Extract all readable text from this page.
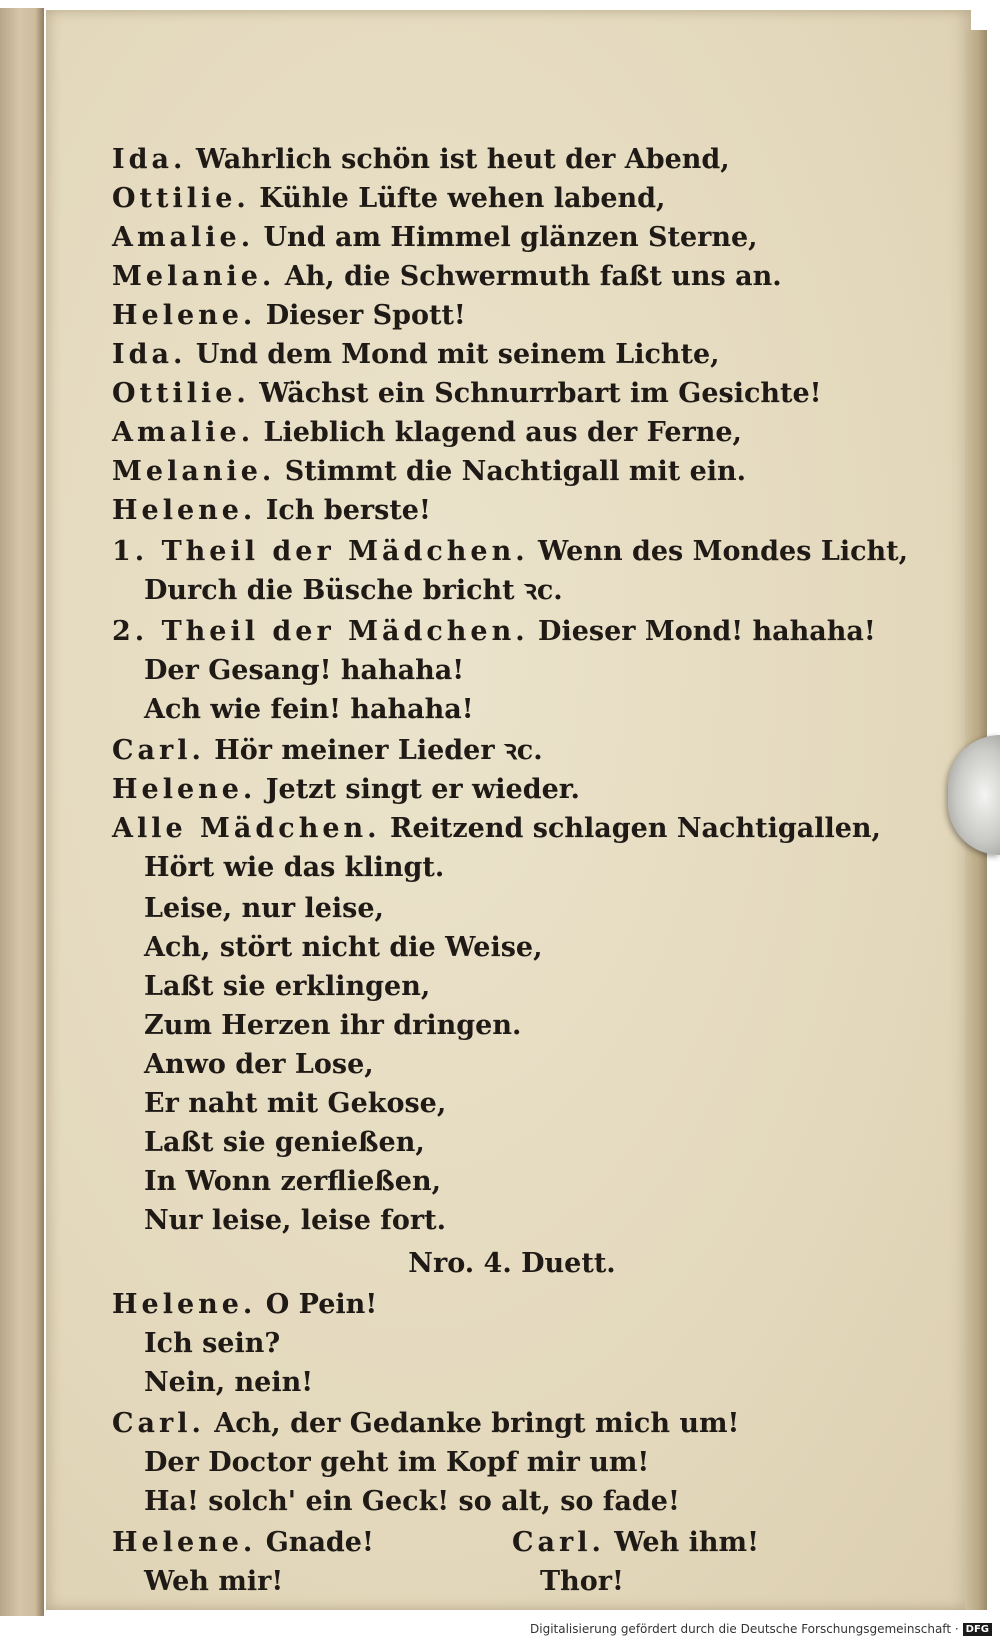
Ida. Wahrlich schön ist heut der Abend,
Ottilie. Kühle Lüfte wehen labend,
Amalie. Und am Himmel glänzen Sterne,
Melanie. Ah, die Schwermuth faßt uns an.
Helene. Dieser Spott!
Ida. Und dem Mond mit seinem Lichte,
Ottilie. Wächst ein Schnurrbart im Gesichte!
Amalie. Lieblich klagend aus der Ferne,
Melanie. Stimmt die Nachtigall mit ein.
Helene. Ich berste!
1. Theil der Mädchen. Wenn des Mondes Licht,
Durch die Büsche bricht ꝛc.
2. Theil der Mädchen. Dieser Mond! hahaha!
Der Gesang! hahaha!
Ach wie fein! hahaha!
Carl. Hör meiner Lieder ꝛc.
Helene. Jetzt singt er wieder.
Alle Mädchen. Reitzend schlagen Nachtigallen,
Hört wie das klingt.
Leise, nur leise,
Ach, stört nicht die Weise,
Laßt sie erklingen,
Zum Herzen ihr dringen.
Anwo der Lose,
Er naht mit Gekose,
Laßt sie genießen,
In Wonn zerfließen,
Nur leise, leise fort.
Nro. 4. Duett.
Helene. O Pein!
Ich sein?
Nein, nein!
Carl. Ach, der Gedanke bringt mich um!
Der Doctor geht im Kopf mir um!
Ha! solch' ein Geck! so alt, so fade!
Helene. Gnade!	Carl. Weh ihm!
Weh mir!	Thor!
Digitalisierung gefördert durch die Deutsche Forschungsgemeinschaft · DFG
